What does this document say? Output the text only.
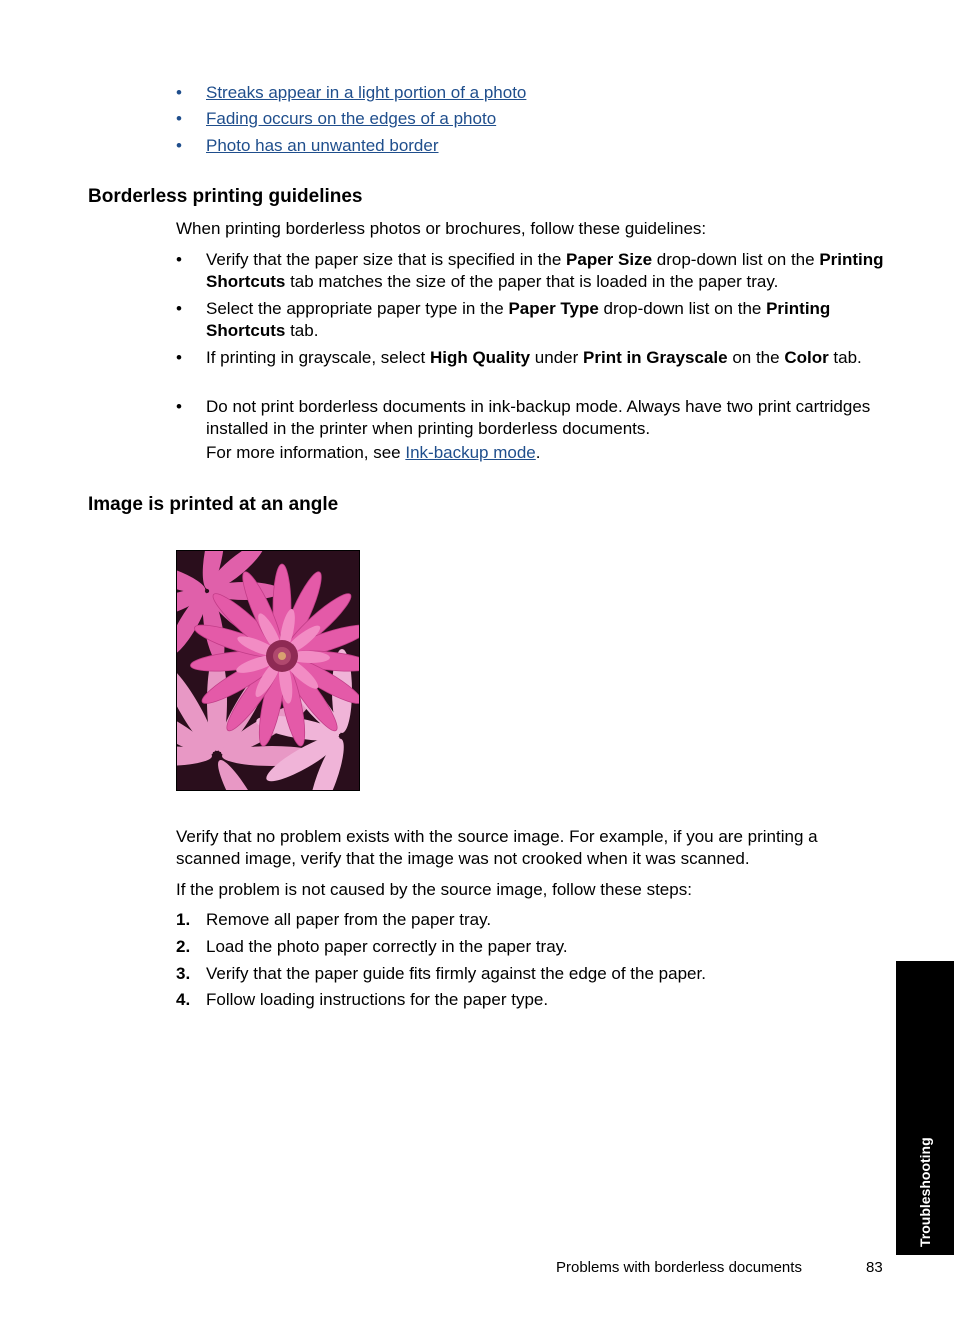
• Streaks appear in a light portion of a photo
• Fading occurs on the edges of a photo
• Photo has an unwanted border
Borderless printing guidelines
When printing borderless photos or brochures, follow these guidelines:
• Verify that the paper size that is specified in the Paper Size drop-down list on the Printing Shortcuts tab matches the size of the paper that is loaded in the paper tray.
• Select the appropriate paper type in the Paper Type drop-down list on the Printing Shortcuts tab.
• If printing in grayscale, select High Quality under Print in Grayscale on the Color tab.
• Do not print borderless documents in ink-backup mode. Always have two print cartridges installed in the printer when printing borderless documents.
For more information, see Ink-backup mode.
Image is printed at an angle
Verify that no problem exists with the source image. For example, if you are printing a scanned image, verify that the image was not crooked when it was scanned.
If the problem is not caused by the source image, follow these steps:
1. Remove all paper from the paper tray.
2. Load the photo paper correctly in the paper tray.
3. Verify that the paper guide fits firmly against the edge of the paper.
4. Follow loading instructions for the paper type.
Troubleshooting
Problems with borderless documents	83
